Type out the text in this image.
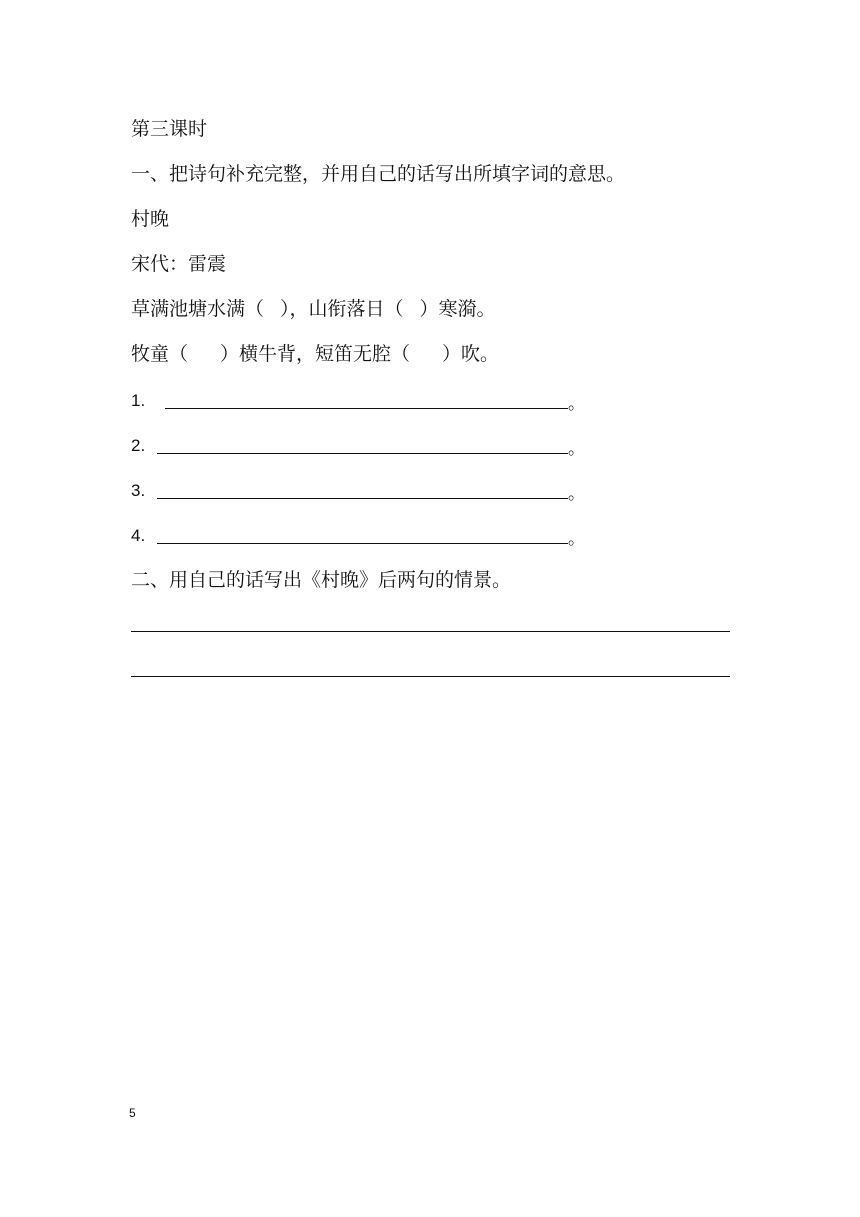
第三课时
一、把诗句补充完整，并用自己的话写出所填字词的意思。
村晚
宋代：雷震
草满池塘水满（ ），山衔落日（ ）寒漪。
牧童（ ）横牛背，短笛无腔（ ）吹。
1.	。
2.	。
3.	。
4.	。
二、用自己的话写出《村晚》后两句的情景。
5
